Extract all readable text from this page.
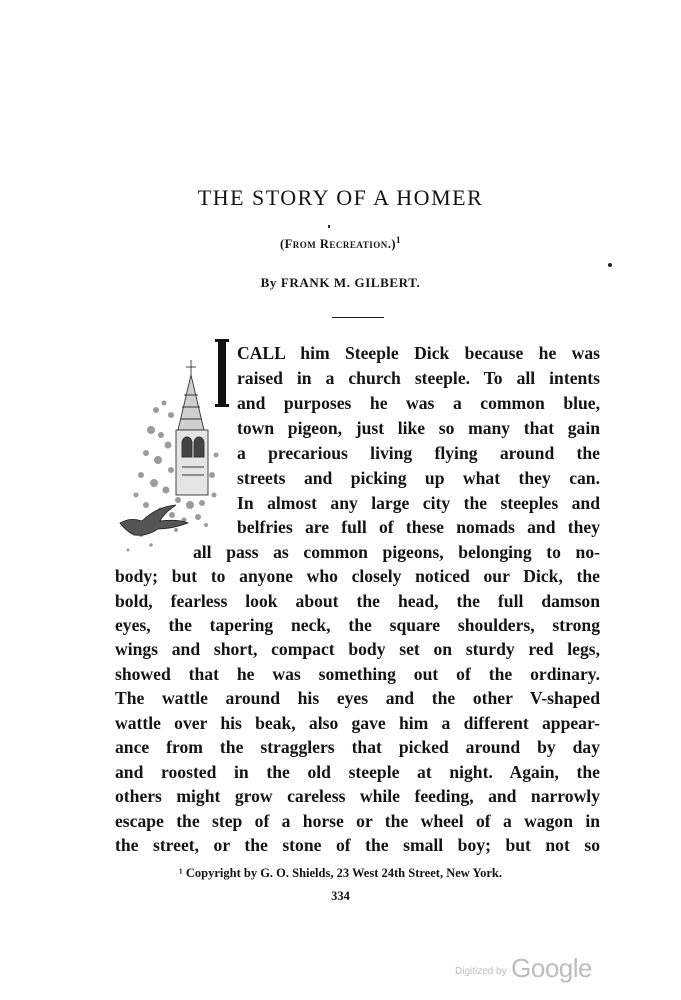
THE STORY OF A HOMER
(From Recreation.)$^1$
By FRANK M. GILBERT.
CALL him Steeple Dick because he was
raised in a church steeple. To all intents
and purposes he was a common blue,
town pigeon, just like so many that gain
a precarious living flying around the
streets and picking up what they can.
In almost any large city the steeples and
belfries are full of these nomads and they
all pass as common pigeons, belonging to no-
body; but to anyone who closely noticed our Dick, the
bold, fearless look about the head, the full damson
eyes, the tapering neck, the square shoulders, strong
wings and short, compact body set on sturdy red legs,
showed that he was something out of the ordinary.
The wattle around his eyes and the other V-shaped
wattle over his beak, also gave him a different appear-
ance from the stragglers that picked around by day
and roosted in the old steeple at night. Again, the
others might grow careless while feeding, and narrowly
escape the step of a horse or the wheel of a wagon in
the street, or the stone of the small boy; but not so
¹ Copyright by G. O. Shields, 23 West 24th Street, New York.
334
Digitized by Google
